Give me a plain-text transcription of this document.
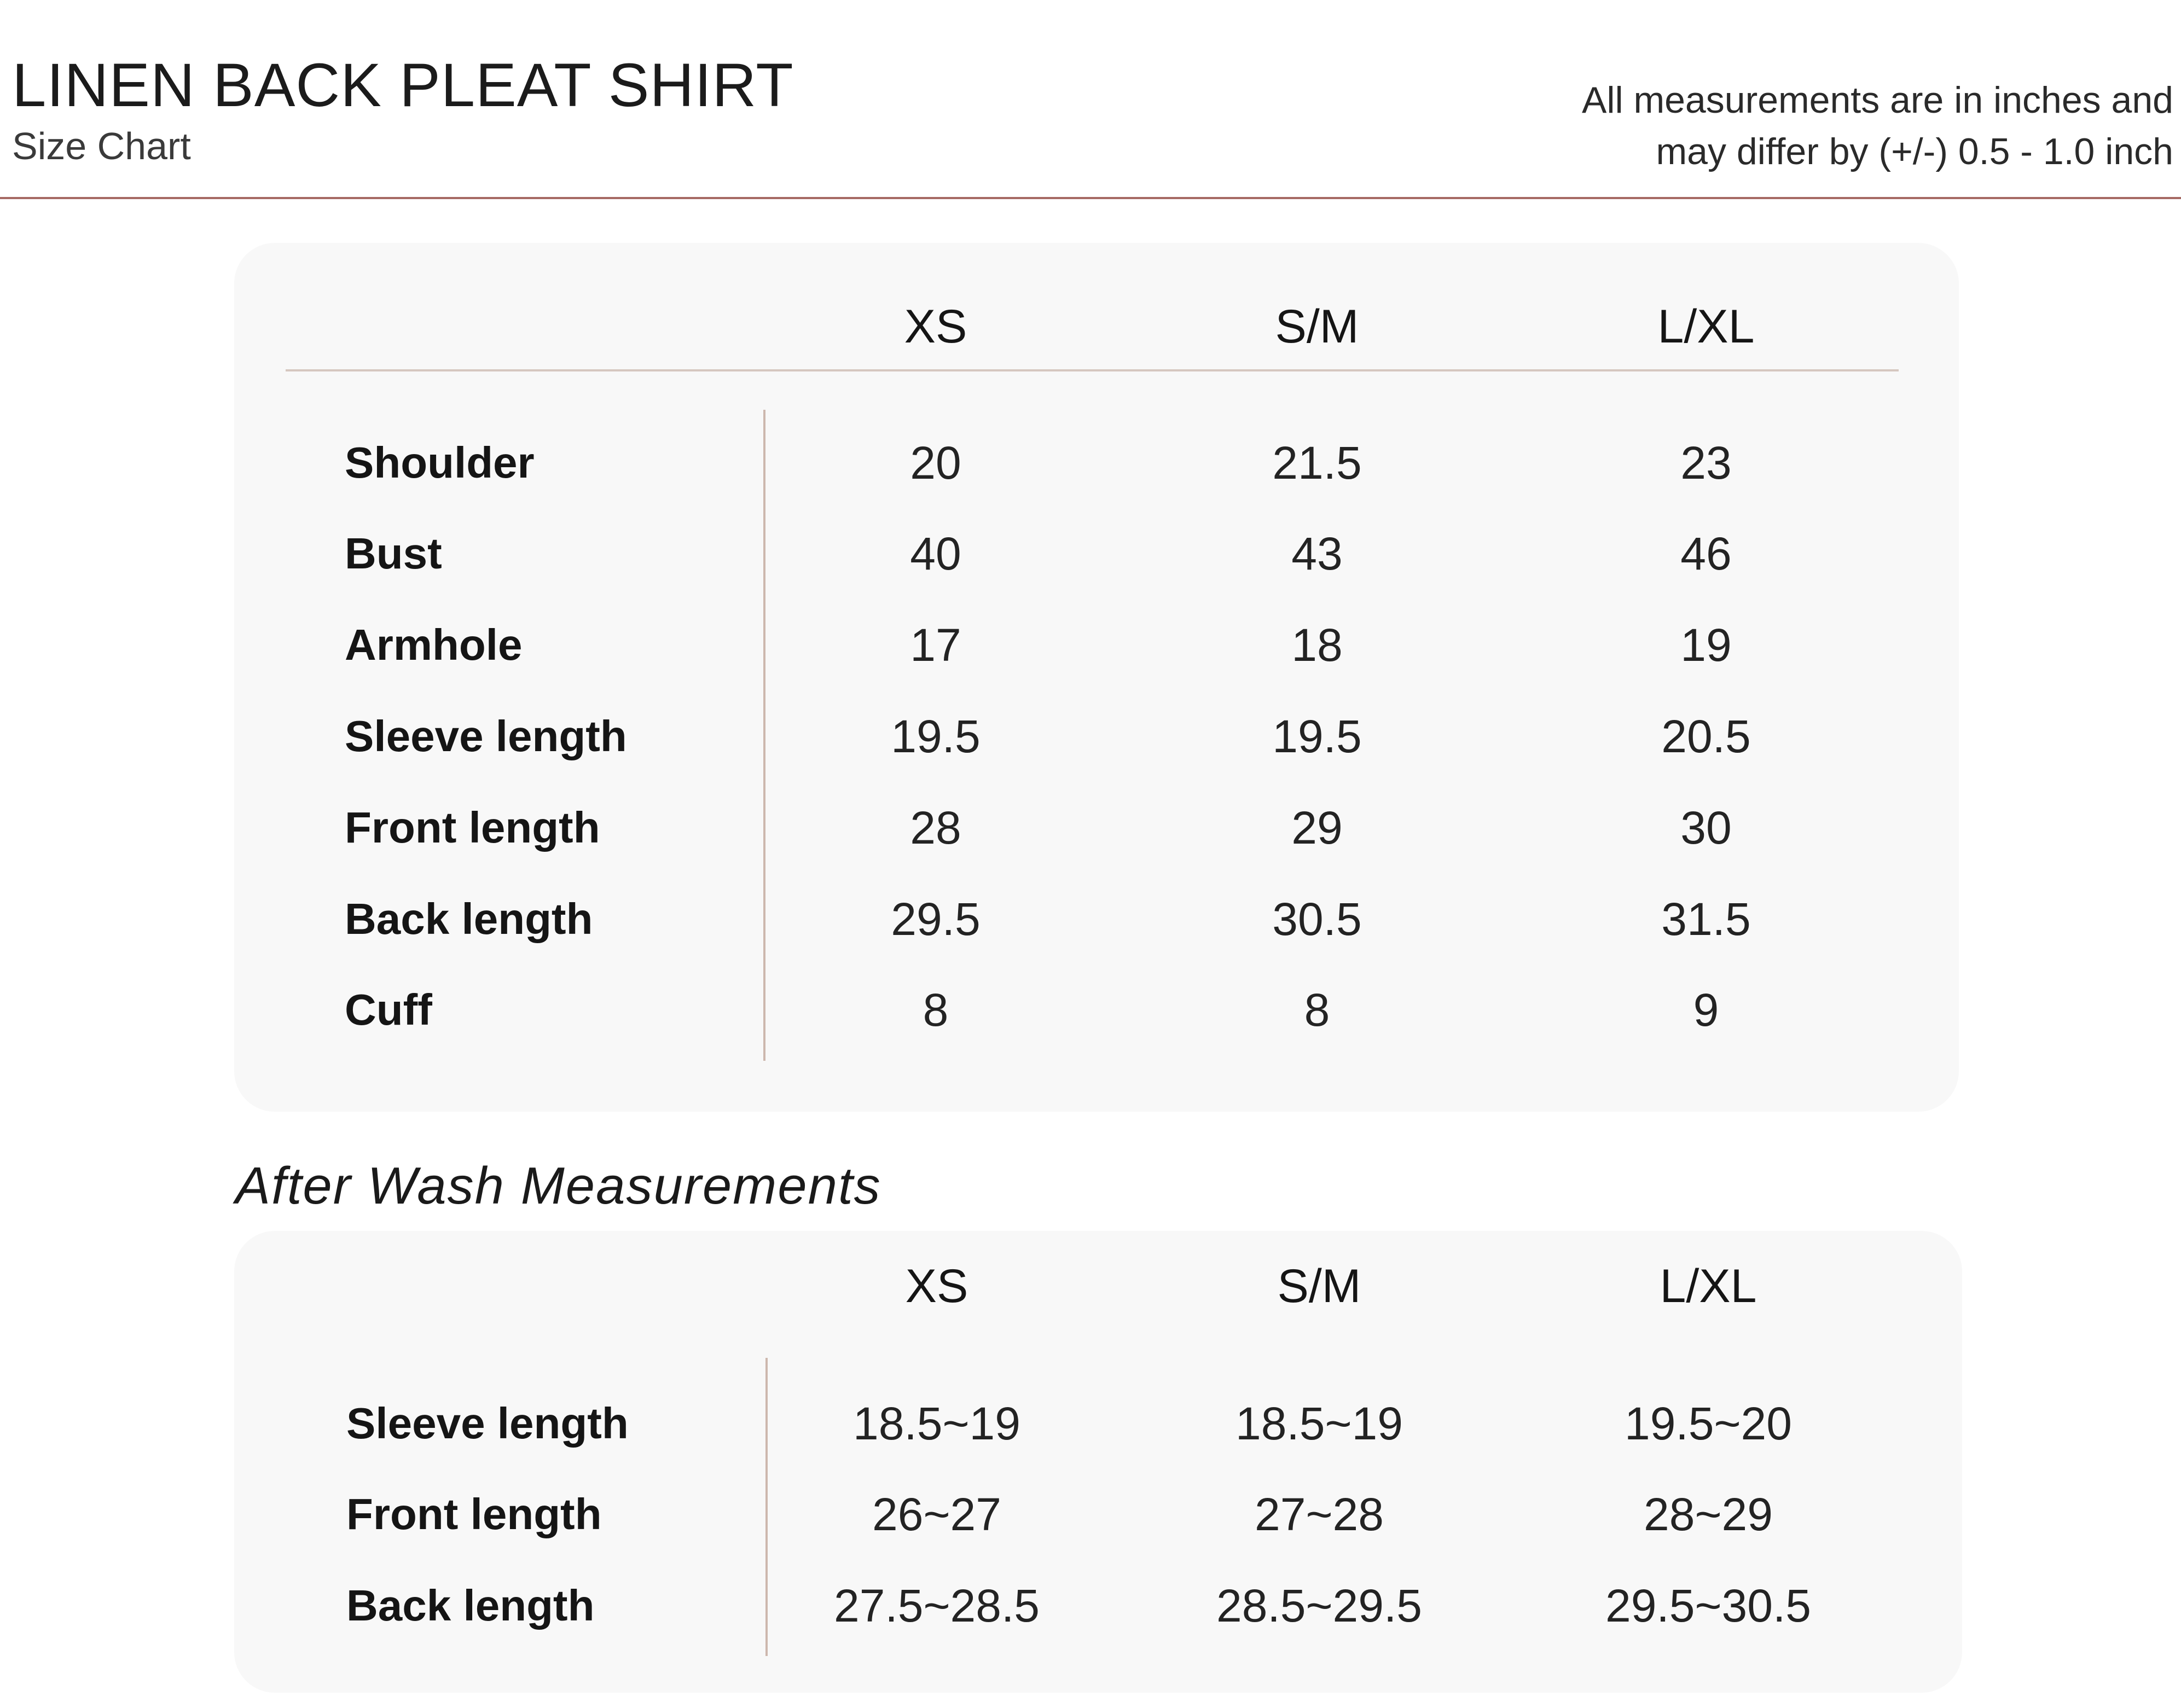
LINEN BACK PLEAT SHIRT
Size Chart
All measurements are in inches and
may differ by (+/-) 0.5 - 1.0 inch
XS	S/M	L/XL
Shoulder	20	21.5	23
Bust	40	43	46
Armhole	17	18	19
Sleeve length	19.5	19.5	20.5
Front length	28	29	30
Back length	29.5	30.5	31.5
Cuff	8	8	9
After Wash Measurements
XS	S/M	L/XL
Sleeve length	18.5~19	18.5~19	19.5~20
Front length	26~27	27~28	28~29
Back length	27.5~28.5	28.5~29.5	29.5~30.5
